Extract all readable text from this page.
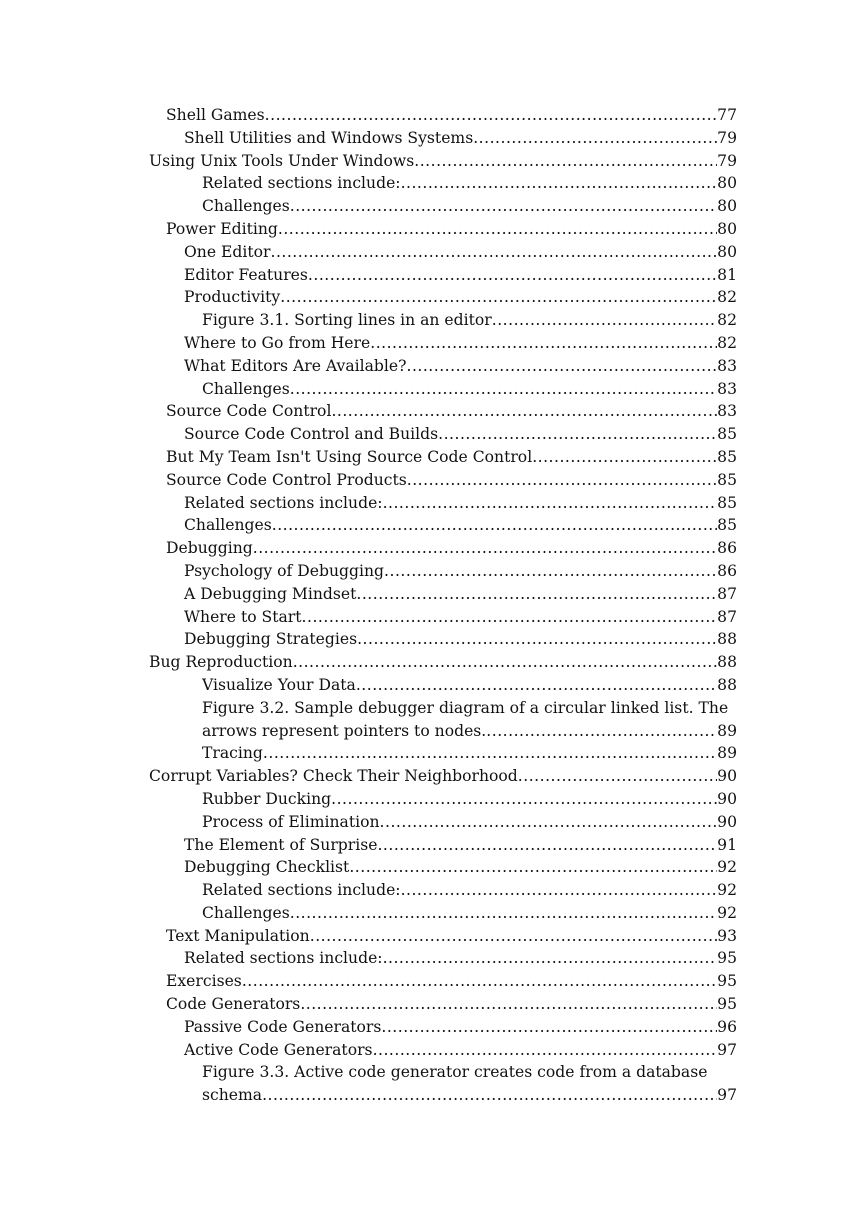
Shell Games .....	77
Shell Utilities and Windows Systems .....	79
Using Unix Tools Under Windows .....	79
Related sections include: .....	80
Challenges .....	80
Power Editing .....	80
One Editor .....	80
Editor Features .....	81
Productivity .....	82
Figure 3.1. Sorting lines in an editor .....	82
Where to Go from Here .....	82
What Editors Are Available? .....	83
Challenges .....	83
Source Code Control .....	83
Source Code Control and Builds .....	85
But My Team Isn't Using Source Code Control .....	85
Source Code Control Products .....	85
Related sections include: .....	85
Challenges .....	85
Debugging .....	86
Psychology of Debugging .....	86
A Debugging Mindset .....	87
Where to Start .....	87
Debugging Strategies .....	88
Bug Reproduction .....	88
Visualize Your Data .....	88
Figure 3.2. Sample debugger diagram of a circular linked list. The
arrows represent pointers to nodes. .....	89
Tracing .....	89
Corrupt Variables? Check Their Neighborhood .....	90
Rubber Ducking .....	90
Process of Elimination .....	90
The Element of Surprise .....	91
Debugging Checklist .....	92
Related sections include: .....	92
Challenges .....	92
Text Manipulation .....	93
Related sections include: .....	95
Exercises .....	95
Code Generators .....	95
Passive Code Generators .....	96
Active Code Generators .....	97
Figure 3.3. Active code generator creates code from a database
schema .....	97
